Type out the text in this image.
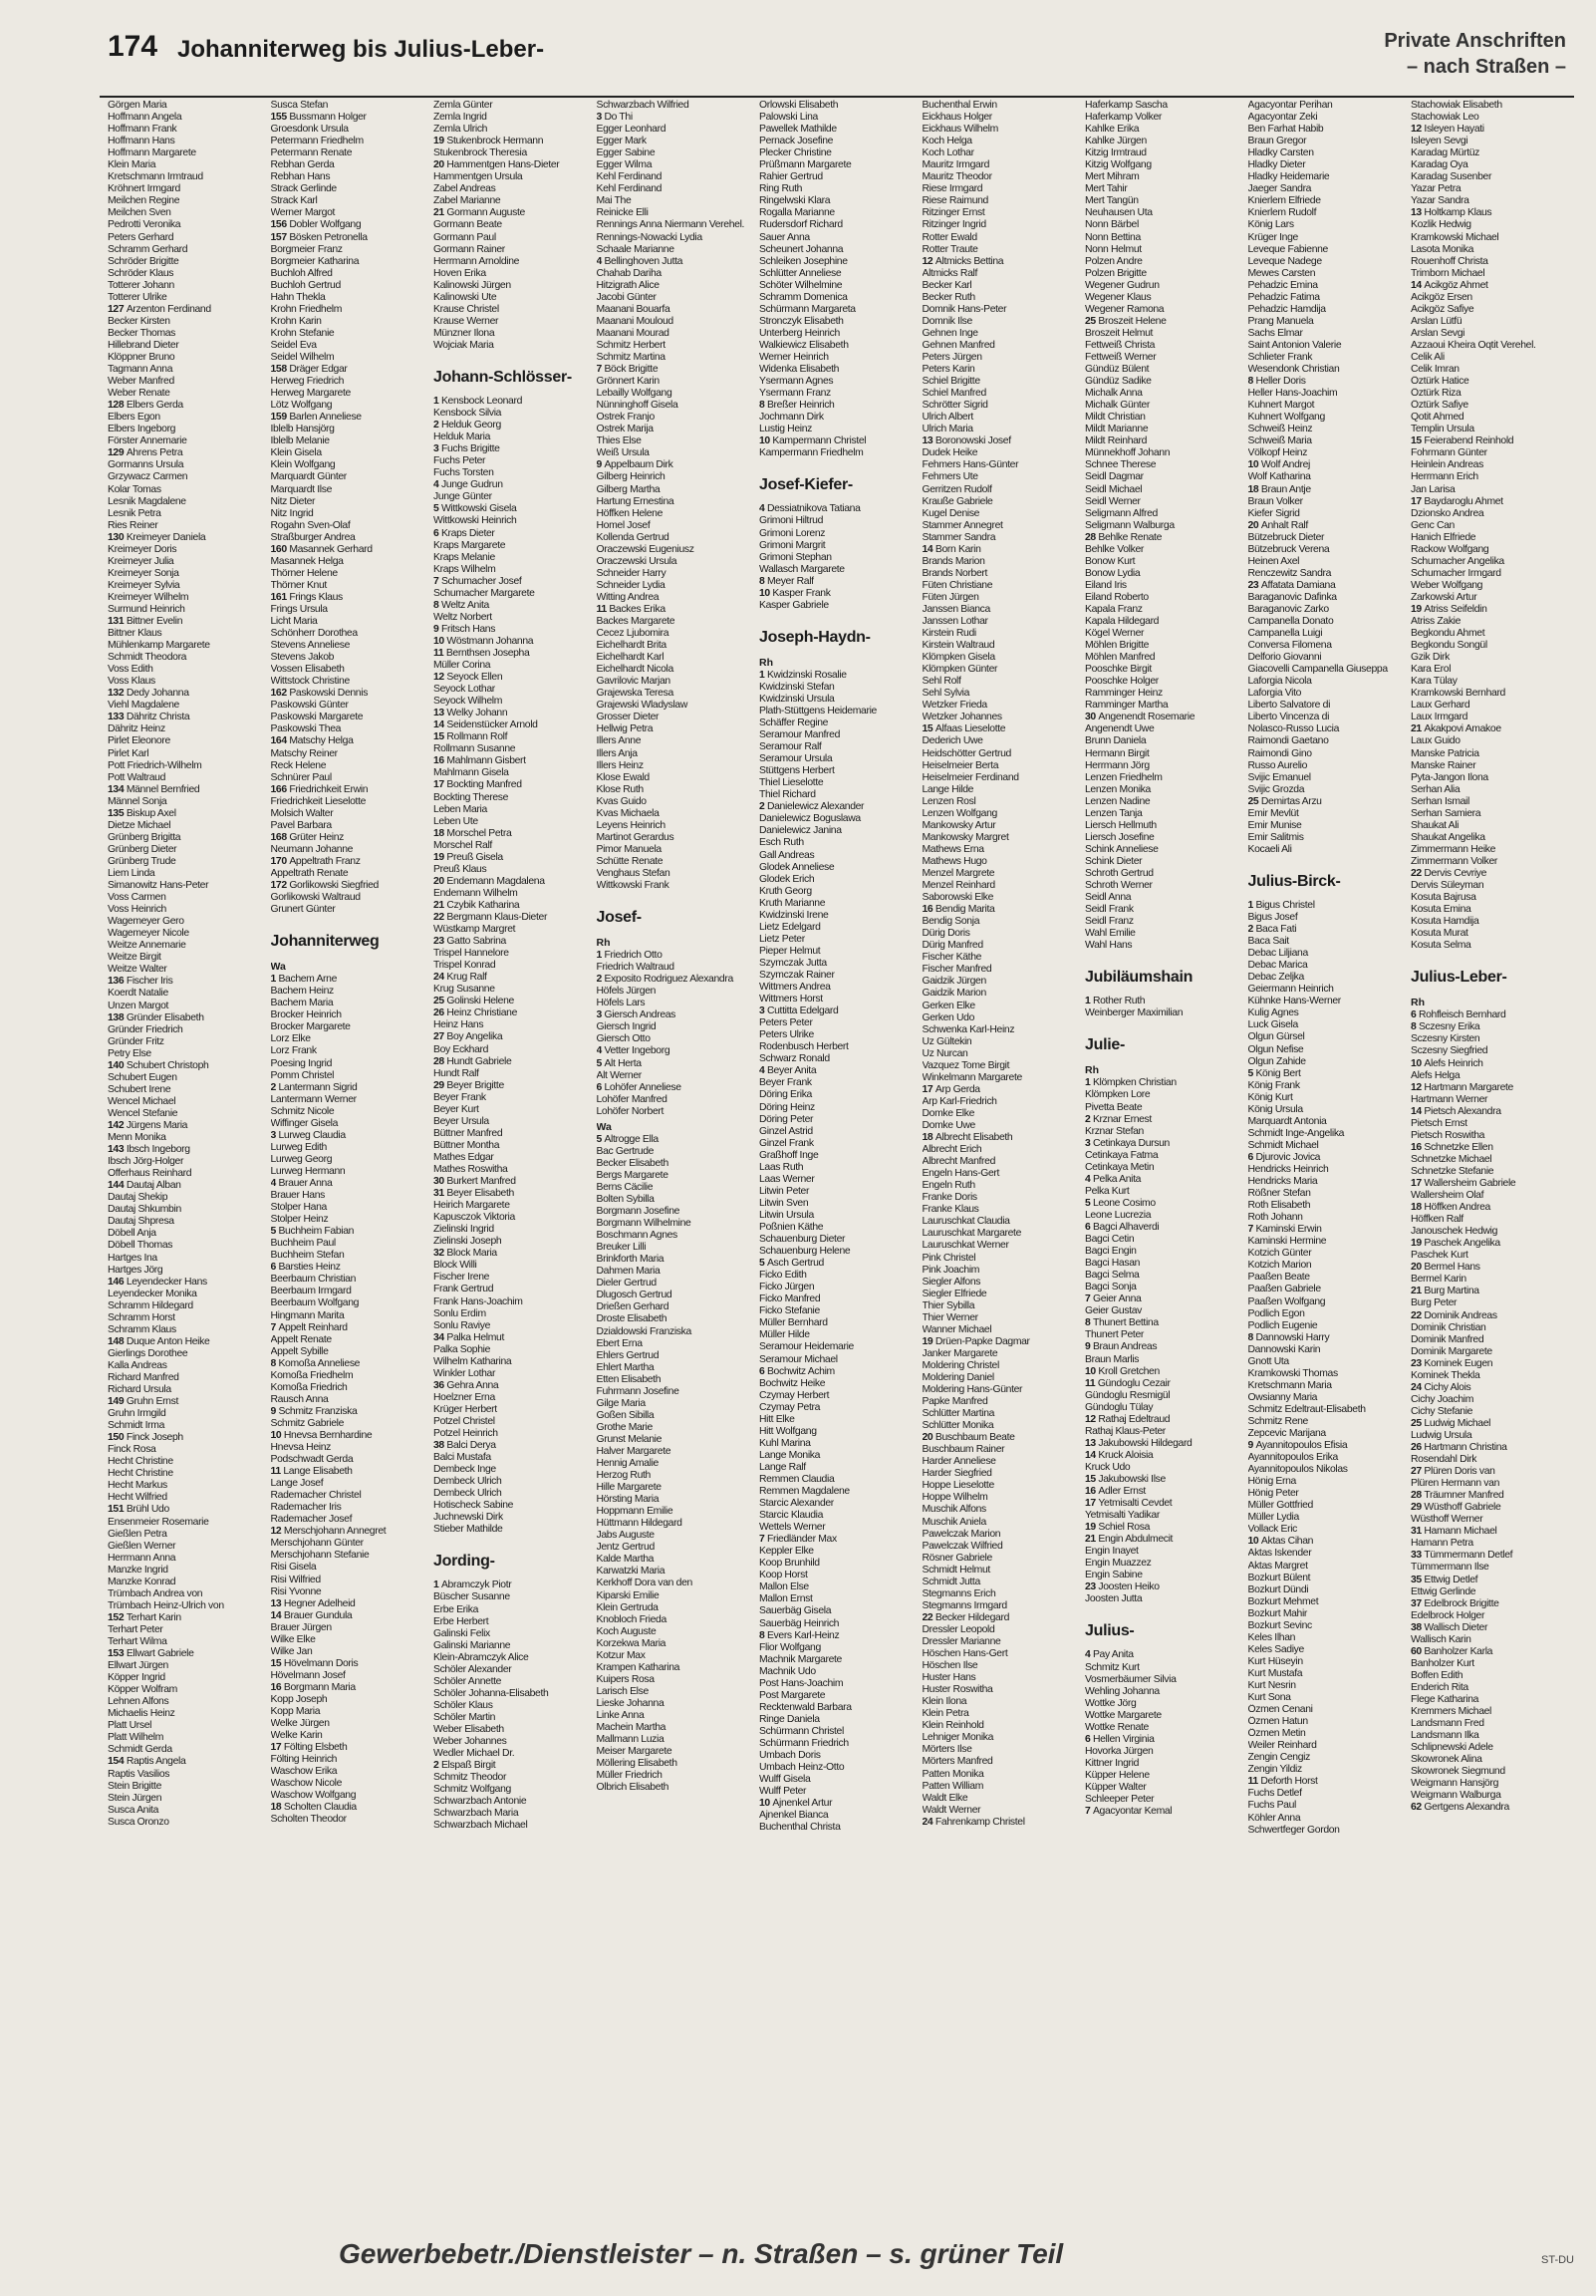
174 Johanniterweg bis Julius-Leber-	Private Anschriften
– nach Straßen –
Görgen Maria
Hoffmann Angela
Hoffmann Frank
Hoffmann Hans
Hoffmann Margarete
Klein Maria
Kretschmann Irmtraud
Kröhnert Irmgard
Meilchen Regine
Meilchen Sven
Pedrotti Veronika
Peters Gerhard
Schramm Gerhard
Schröder Brigitte
Schröder Klaus
Totterer Johann
Totterer Ulrike
127 Arzenton Ferdinand
Becker Kirsten
Becker Thomas
Hillebrand Dieter
Klöppner Bruno
Tagmann Anna
Weber Manfred
Weber Renate
128 Elbers Gerda
Elbers Egon
Elbers Ingeborg
Förster Annemarie
129 Ahrens Petra
Gormanns Ursula
Grzywacz Carmen
Kolar Tomas
Lesnik Magdalene
Lesnik Petra
Ries Reiner
130 Kreimeyer Daniela
Kreimeyer Doris
Kreimeyer Julia
Kreimeyer Sonja
Kreimeyer Sylvia
Kreimeyer Wilhelm
Surmund Heinrich
131 Bittner Evelin
Bittner Klaus
Mühlenkamp Margarete
Schmidt Theodora
Voss Edith
Voss Klaus
132 Dedy Johanna
Viehl Magdalene
133 Dähritz Christa
Dähritz Heinz
Pirlet Eleonore
Pirlet Karl
Pott Friedrich-Wilhelm
Pott Waltraud
134 Männel Bernfried
Männel Sonja
135 Biskup Axel
Dietze Michael
Grünberg Brigitta
Grünberg Dieter
Grünberg Trude
Liem Linda
Simanowitz Hans-Peter
Voss Carmen
Voss Heinrich
Wagemeyer Gero
Wagemeyer Nicole
Weitze Annemarie
Weitze Birgit
Weitze Walter
136 Fischer Iris
Koerdt Natalie
Unzen Margot
138 Gründer Elisabeth
Gründer Friedrich
Gründer Fritz
Petry Else
140 Schubert Christoph
Schubert Eugen
Schubert Irene
Wencel Michael
Wencel Stefanie
142 Jürgens Maria
Menn Monika
143 Ibsch Ingeborg
Ibsch Jörg-Holger
Offerhaus Reinhard
144 Dautaj Alban
Dautaj Shekip
Dautaj Shkumbin
Dautaj Shpresa
Döbell Anja
Döbell Thomas
Hartges Ina
Hartges Jörg
146 Leyendecker Hans
Leyendecker Monika
Schramm Hildegard
Schramm Horst
Schramm Klaus
148 Duque Anton Heike
Gierlings Dorothee
Kalla Andreas
Richard Manfred
Richard Ursula
149 Gruhn Ernst
Gruhn Irmgild
Schmidt Irma
150 Finck Joseph
Finck Rosa
Hecht Christine
Hecht Christine
Hecht Markus
Hecht Wilfried
151 Brühl Udo
Ensenmeier Rosemarie
Gießlen Petra
Gießlen Werner
Herrmann Anna
Manzke Ingrid
Manzke Konrad
Trümbach Andrea von
Trümbach Heinz-Ulrich von
152 Terhart Karin
Terhart Peter
Terhart Wilma
153 Ellwart Gabriele
Ellwart Jürgen
Köpper Ingrid
Köpper Wolfram
Lehnen Alfons
Michaelis Heinz
Platt Ursel
Platt Wilhelm
Schmidt Gerda
154 Raptis Angela
Raptis Vasilios
Stein Brigitte
Stein Jürgen
Susca Anita
Susca Oronzo
Susca Stefan
155 Bussmann Holger
Groesdonk Ursula
Petermann Friedhelm
Petermann Renate
Rebhan Gerda
Rebhan Hans
Strack Gerlinde
Strack Karl
Werner Margot
156 Dobler Wolfgang
157 Bösken Petronella
Borgmeier Franz
Borgmeier Katharina
Buchloh Alfred
Buchloh Gertrud
Hahn Thekla
Krohn Friedhelm
Krohn Karin
Krohn Stefanie
Seidel Eva
Seidel Wilhelm
158 Dräger Edgar
Herweg Friedrich
Herweg Margarete
Lötz Wolfgang
159 Barlen Anneliese
Iblelb Hansjörg
Iblelb Melanie
Klein Gisela
Klein Wolfgang
Marquardt Günter
Marquardt Ilse
Nitz Dieter
Nitz Ingrid
Rogahn Sven-Olaf
Straßburger Andrea
160 Masannek Gerhard
Masannek Helga
Thörner Helene
Thörner Knut
161 Frings Klaus
Frings Ursula
Licht Maria
Schönherr Dorothea
Stevens Anneliese
Stevens Jakob
Vossen Elisabeth
Wittstock Christine
162 Paskowski Dennis
Paskowski Günter
Paskowski Margarete
Paskowski Thea
164 Matschy Helga
Matschy Reiner
Reck Helene
Schnürer Paul
166 Friedrichkeit Erwin
Friedrichkeit Lieselotte
Molsich Walter
Pavel Barbara
168 Grüter Heinz
Neumann Johanne
170 Appeltrath Franz
Appeltrath Renate
172 Gorlikowski Siegfried
Gorlikowski Waltraud
Grunert Günter
Johanniterweg
Wa
1 Bachem Arne
Bachem Heinz
Bachem Maria
Brocker Heinrich
Brocker Margarete
Lorz Elke
Lorz Frank
Poesing Ingrid
Pomm Christel
2 Lantermann Sigrid
Lantermann Werner
Schmitz Nicole
Wiffinger Gisela
3 Lurweg Claudia
Lurweg Edith
Lurweg Georg
Lurweg Hermann
4 Brauer Anna
Brauer Hans
Stolper Hana
Stolper Heinz
5 Buchheim Fabian
Buchheim Paul
Buchheim Stefan
6 Barsties Heinz
Beerbaum Christian
Beerbaum Irmgard
Beerbaum Wolfgang
Hingmann Marita
7 Appelt Reinhard
Appelt Renate
Appelt Sybille
8 Komoßa Anneliese
Komoßa Friedhelm
Komoßa Friedrich
Rausch Anna
9 Schmitz Franziska
Schmitz Gabriele
10 Hnevsa Bernhardine
Hnevsa Heinz
Podschwadt Gerda
11 Lange Elisabeth
Lange Josef
Rademacher Christel
Rademacher Iris
Rademacher Josef
12 Merschjohann Annegret
Merschjohann Günter
Merschjohann Stefanie
Risi Gisela
Risi Wilfried
Risi Yvonne
13 Hegner Adelheid
14 Brauer Gundula
Brauer Jürgen
Wilke Elke
Wilke Jan
15 Hövelmann Doris
Hövelmann Josef
16 Borgmann Maria
Kopp Joseph
Kopp Maria
Welke Jürgen
Welke Karin
17 Fölting Elsbeth
Fölting Heinrich
Waschow Erika
Waschow Nicole
Waschow Wolfgang
18 Scholten Claudia
Scholten Theodor
Zemla Günter
Zemla Ingrid
Zemla Ulrich
19 Stukenbrock Hermann
Stukenbrock Theresia
20 Hammentgen Hans-Dieter
Hammentgen Ursula
Zabel Andreas
Zabel Marianne
21 Gormann Auguste
Gormann Beate
Gormann Paul
Gormann Rainer
Herrmann Arnoldine
Hoven Erika
Kalinowski Jürgen
Kalinowski Ute
Krause Christel
Krause Werner
Münzner Ilona
Wojciak Maria
Johann-Schlösser-
1 Kensbock Leonard
Kensbock Silvia
2 Helduk Georg
Helduk Maria
3 Fuchs Brigitte
Fuchs Peter
Fuchs Torsten
4 Junge Gudrun
Junge Günter
5 Wittkowski Gisela
Wittkowski Heinrich
6 Kraps Dieter
Kraps Margarete
Kraps Melanie
Kraps Wilhelm
7 Schumacher Josef
Schumacher Margarete
8 Weltz Anita
Weltz Norbert
9 Fritsch Hans
10 Wöstmann Johanna
11 Bernthsen Josepha
Müller Corina
12 Seyock Ellen
Seyock Lothar
Seyock Wilhelm
13 Welky Johann
14 Seidenstücker Arnold
15 Rollmann Rolf
Rollmann Susanne
16 Mahlmann Gisbert
Mahlmann Gisela
17 Bockting Manfred
Bockting Therese
Leben Maria
Leben Ute
18 Morschel Petra
Morschel Ralf
19 Preuß Gisela
Preuß Klaus
20 Endemann Magdalena
Endemann Wilhelm
21 Czybik Katharina
22 Bergmann Klaus-Dieter
Wüstkamp Margret
23 Gatto Sabrina
Trispel Hannelore
Trispel Konrad
24 Krug Ralf
Krug Susanne
25 Golinski Helene
26 Heinz Christiane
Heinz Hans
27 Boy Angelika
Boy Eckhard
28 Hundt Gabriele
Hundt Ralf
29 Beyer Brigitte
Beyer Frank
Beyer Kurt
Beyer Ursula
Büttner Manfred
Büttner Montha
Mathes Edgar
Mathes Roswitha
30 Burkert Manfred
31 Beyer Elisabeth
Heirich Margarete
Kapusczok Viktoria
Zielinski Ingrid
Zielinski Joseph
32 Block Maria
Block Willi
Fischer Irene
Frank Gertrud
Frank Hans-Joachim
Sonlu Erdim
Sonlu Raviye
34 Palka Helmut
Palka Sophie
Wilhelm Katharina
Winkler Lothar
36 Gehra Anna
Hoelzner Erna
Krüger Herbert
Potzel Christel
Potzel Heinrich
38 Balci Derya
Balci Mustafa
Dembeck Inge
Dembeck Ulrich
Dembeck Ulrich
Hotischeck Sabine
Juchnewski Dirk
Stieber Mathilde
Jording-
1 Abramczyk Piotr
Büscher Susanne
Erbe Erika
Erbe Herbert
Galinski Felix
Galinski Marianne
Klein-Abramczyk Alice
Schöler Alexander
Schöler Annette
Schöler Johanna-Elisabeth
Schöler Klaus
Schöler Martin
Weber Elisabeth
Weber Johannes
Wedler Michael Dr.
2 Elspaß Birgit
Schmitz Theodor
Schmitz Wolfgang
Schwarzbach Antonie
Schwarzbach Maria
Schwarzbach Michael
Schwarzbach Wilfried
3 Do Thi
Egger Leonhard
Egger Mark
Egger Sabine
Egger Wilma
Kehl Ferdinand
Kehl Ferdinand
Mai The
Reinicke Elli
Rennings Anna Niermann Verehel.
Rennings-Nowacki Lydia
Schaale Marianne
4 Bellinghoven Jutta
Chahab Dariha
Hitzigrath Alice
Jacobi Günter
Maanani Bouarfa
Maanani Mouloud
Maanani Mourad
Schmitz Herbert
Schmitz Martina
7 Böck Brigitte
Grönnert Karin
Lebailly Wolfgang
Nünninghoff Gisela
Ostrek Franjo
Ostrek Marija
Thies Else
Weiß Ursula
9 Appelbaum Dirk
Gilberg Heinrich
Gilberg Martha
Hartung Ernestina
Höffken Helene
Homel Josef
Kollenda Gertrud
Oraczewski Eugeniusz
Oraczewski Ursula
Schneider Harry
Schneider Lydia
Witting Andrea
11 Backes Erika
Backes Margarete
Cecez Ljubomira
Eichelhardt Brita
Eichelhardt Karl
Eichelhardt Nicola
Gavrilovic Marjan
Grajewska Teresa
Grajewski Wladyslaw
Grosser Dieter
Hellwig Petra
Illers Anne
Illers Anja
Illers Heinz
Klose Ewald
Klose Ruth
Kvas Guido
Kvas Michaela
Leyens Heinrich
Martinot Gerardus
Pimor Manuela
Schütte Renate
Venghaus Stefan
Wittkowski Frank
Josef-
Rh
1 Friedrich Otto
Friedrich Waltraud
2 Exposito Rodriguez Alexandra
Höfels Jürgen
Höfels Lars
3 Giersch Andreas
Giersch Ingrid
Giersch Otto
4 Vetter Ingeborg
5 Alt Herta
Alt Werner
6 Lohöfer Anneliese
Lohöfer Manfred
Lohöfer Norbert
Wa
5 Altrogge Ella
Bac Gertrude
Becker Elisabeth
Bergs Margarete
Berns Cäcilie
Bolten Sybilla
Borgmann Josefine
Borgmann Wilhelmine
Boschmann Agnes
Breuker Lilli
Brinkforth Maria
Dahmen Maria
Dieler Gertrud
Dlugosch Gertrud
Drießen Gerhard
Droste Elisabeth
Dzialdowski Franziska
Ebert Erna
Ehlers Gertrud
Ehlert Martha
Etten Elisabeth
Fuhrmann Josefine
Gilge Maria
Goßen Sibilla
Grothe Marie
Grunst Melanie
Halver Margarete
Hennig Amalie
Herzog Ruth
Hille Margarete
Hörsting Maria
Hoppmann Emilie
Hüttmann Hildegard
Jabs Auguste
Jentz Gertrud
Kalde Martha
Karwatzki Maria
Kerkhoff Dora van den
Kiparski Emilie
Klein Gertruda
Knobloch Frieda
Koch Auguste
Korzekwa Maria
Kotzur Max
Krampen Katharina
Kuipers Rosa
Larisch Else
Lieske Johanna
Linke Anna
Machein Martha
Mallmann Luzia
Meiser Margarete
Möllering Elisabeth
Müller Friedrich
Olbrich Elisabeth
Orlowski Elisabeth
Palowski Lina
Pawellek Mathilde
Pernack Josefine
Plecker Christine
Prüßmann Margarete
Rahier Gertrud
Ring Ruth
Ringelwski Klara
Rogalla Marianne
Rudersdorf Richard
Sauer Anna
Scheunert Johanna
Schleiken Josephine
Schlütter Anneliese
Schöter Wilhelmine
Schramm Domenica
Schürmann Margareta
Stronczyk Elisabeth
Unterberg Heinrich
Walkiewicz Elisabeth
Werner Heinrich
Widenka Elisabeth
Ysermann Agnes
Ysermann Franz
8 Breßer Heinrich
Jochmann Dirk
Lustig Heinz
10 Kampermann Christel
Kampermann Friedhelm
Josef-Kiefer-
4 Dessiatnikova Tatiana
Grimoni Hiltrud
Grimoni Lorenz
Grimoni Margrit
Grimoni Stephan
Wallasch Margarete
8 Meyer Ralf
10 Kasper Frank
Kasper Gabriele
Joseph-Haydn-
Rh
1 Kwidzinski Rosalie
Kwidzinski Stefan
Kwidzinski Ursula
Plath-Stüttgens Heidemarie
Schäffer Regine
Seramour Manfred
Seramour Ralf
Seramour Ursula
Stüttgens Herbert
Thiel Lieselotte
Thiel Richard
2 Danielewicz Alexander
Danielewicz Boguslawa
Danielewicz Janina
Esch Ruth
Gall Andreas
Glodek Anneliese
Glodek Erich
Kruth Georg
Kruth Marianne
Kwidzinski Irene
Lietz Edelgard
Lietz Peter
Pieper Helmut
Szymczak Jutta
Szymczak Rainer
Wittmers Andrea
Wittmers Horst
3 Cuttitta Edelgard
Peters Peter
Peters Ulrike
Rodenbusch Herbert
Schwarz Ronald
4 Beyer Anita
Beyer Frank
Döring Erika
Döring Heinz
Döring Peter
Ginzel Astrid
Ginzel Frank
Graßhoff Inge
Laas Ruth
Laas Werner
Litwin Peter
Litwin Sven
Litwin Ursula
Poßnien Käthe
Schauenburg Dieter
Schauenburg Helene
5 Asch Gertrud
Ficko Edith
Ficko Jürgen
Ficko Manfred
Ficko Stefanie
Müller Bernhard
Müller Hilde
Seramour Heidemarie
Seramour Michael
6 Bochwitz Achim
Bochwitz Heike
Czymay Herbert
Czymay Petra
Hitt Elke
Hitt Wolfgang
Kuhl Marina
Lange Monika
Lange Ralf
Remmen Claudia
Remmen Magdalene
Starcic Alexander
Starcic Klaudia
Wettels Werner
7 Friedländer Max
Keppler Elke
Koop Brunhild
Koop Horst
Mallon Else
Mallon Ernst
Sauerbäg Gisela
Sauerbäg Heinrich
8 Evers Karl-Heinz
Flior Wolfgang
Machnik Margarete
Machnik Udo
Post Hans-Joachim
Post Margarete
Recktenwald Barbara
Ringe Daniela
Schürmann Christel
Schürmann Friedrich
Umbach Doris
Umbach Heinz-Otto
Wulff Gisela
Wulff Peter
10 Ajnenkel Artur
Ajnenkel Bianca
Buchenthal Christa
Buchenthal Erwin
Eickhaus Holger
Eickhaus Wilhelm
Koch Helga
Koch Lothar
Mauritz Irmgard
Mauritz Theodor
Riese Irmgard
Riese Raimund
Ritzinger Ernst
Ritzinger Ingrid
Rotter Ewald
Rotter Traute
12 Altmicks Bettina
Altmicks Ralf
Becker Karl
Becker Ruth
Domnik Hans-Peter
Domnik Ilse
Gehnen Inge
Gehnen Manfred
Peters Jürgen
Peters Karin
Schiel Brigitte
Schiel Manfred
Schrötter Sigrid
Ulrich Albert
Ulrich Maria
13 Boronowski Josef
Dudek Heike
Fehmers Hans-Günter
Fehmers Ute
Gerritzen Rudolf
Krauße Gabriele
Kugel Denise
Stammer Annegret
Stammer Sandra
14 Born Karin
Brands Marion
Brands Norbert
Füten Christiane
Füten Jürgen
Janssen Bianca
Janssen Lothar
Kirstein Rudi
Kirstein Waltraud
Klömpken Gisela
Klömpken Günter
Sehl Rolf
Sehl Sylvia
Wetzker Frieda
Wetzker Johannes
15 Alfaas Lieselotte
Dederich Uwe
Heidschötter Gertrud
Heiselmeier Berta
Heiselmeier Ferdinand
Lange Hilde
Lenzen Rosl
Lenzen Wolfgang
Mankowsky Artur
Mankowsky Margret
Mathews Erna
Mathews Hugo
Menzel Margrete
Menzel Reinhard
Saborowski Elke
16 Bendig Marita
Bendig Sonja
Dürig Doris
Dürig Manfred
Fischer Käthe
Fischer Manfred
Gaidzik Jürgen
Gaidzik Marion
Gerken Elke
Gerken Udo
Schwenka Karl-Heinz
Uz Gültekin
Uz Nurcan
Vazquez Tome Birgit
Winkelmann Margarete
17 Arp Gerda
Arp Karl-Friedrich
Domke Elke
Domke Uwe
18 Albrecht Elisabeth
Albrecht Erich
Albrecht Manfred
Engeln Hans-Gert
Engeln Ruth
Franke Doris
Franke Klaus
Lauruschkat Claudia
Lauruschkat Margarete
Lauruschkat Werner
Pink Christel
Pink Joachim
Siegler Alfons
Siegler Elfriede
Thier Sybilla
Thier Werner
Wanner Michael
19 Drüen-Papke Dagmar
Janker Margarete
Moldering Christel
Moldering Daniel
Moldering Hans-Günter
Papke Manfred
Schlütter Martina
Schlütter Monika
20 Buschbaum Beate
Buschbaum Rainer
Harder Anneliese
Harder Siegfried
Hoppe Lieselotte
Hoppe Wilhelm
Muschik Alfons
Muschik Aniela
Pawelczak Marion
Pawelczak Wilfried
Rösner Gabriele
Schmidt Helmut
Schmidt Jutta
Stegmanns Erich
Stegmanns Irmgard
22 Becker Hildegard
Dressler Leopold
Dressler Marianne
Höschen Hans-Gert
Höschen Ilse
Huster Hans
Huster Roswitha
Klein Ilona
Klein Petra
Klein Reinhold
Lehniger Monika
Mörters Ilse
Mörters Manfred
Patten Monika
Patten William
Waldt Elke
Waldt Werner
24 Fahrenkamp Christel
Haferkamp Sascha
Haferkamp Volker
Kahlke Erika
Kahlke Jürgen
Kitzig Irmtraud
Kitzig Wolfgang
Mert Mihram
Mert Tahir
Mert Tangün
Neuhausen Uta
Nonn Bärbel
Nonn Bettina
Nonn Helmut
Polzen Andre
Polzen Brigitte
Wegener Gudrun
Wegener Klaus
Wegener Ramona
25 Broszeit Helene
Broszeit Helmut
Fettweiß Christa
Fettweiß Werner
Gündüz Bülent
Gündüz Sadike
Michalk Anna
Michalk Günter
Mildt Christian
Mildt Marianne
Mildt Reinhard
Münnekhoff Johann
Schnee Therese
Seidl Dagmar
Seidl Michael
Seidl Werner
Seligmann Alfred
Seligmann Walburga
28 Behlke Renate
Behlke Volker
Bonow Kurt
Bonow Lydia
Eiland Iris
Eiland Roberto
Kapala Franz
Kapala Hildegard
Kögel Werner
Möhlen Brigitte
Möhlen Manfred
Pooschke Birgit
Pooschke Holger
Ramminger Heinz
Ramminger Martha
30 Angenendt Rosemarie
Angenendt Uwe
Brunn Daniela
Hermann Birgit
Herrmann Jörg
Lenzen Friedhelm
Lenzen Monika
Lenzen Nadine
Lenzen Tanja
Liersch Hellmuth
Liersch Josefine
Schink Anneliese
Schink Dieter
Schroth Gertrud
Schroth Werner
Seidl Anna
Seidl Frank
Seidl Franz
Wahl Emilie
Wahl Hans
Jubiläumshain
1 Rother Ruth
Weinberger Maximilian
Julie-
Rh
1 Klömpken Christian
Klömpken Lore
Pivetta Beate
2 Krznar Ernest
Krznar Stefan
3 Cetinkaya Dursun
Cetinkaya Fatma
Cetinkaya Metin
4 Pelka Anita
Pelka Kurt
5 Leone Cosimo
Leone Lucrezia
6 Bagci Alhaverdi
Bagci Cetin
Bagci Engin
Bagci Hasan
Bagci Selma
Bagci Sonja
7 Geier Anna
Geier Gustav
8 Thunert Bettina
Thunert Peter
9 Braun Andreas
Braun Marlis
10 Kroll Gretchen
11 Gündoglu Cezair
Gündoglu Resmigül
Gündoglu Tülay
12 Rathaj Edeltraud
Rathaj Klaus-Peter
13 Jakubowski Hildegard
14 Kruck Aloisia
Kruck Udo
15 Jakubowski Ilse
16 Adler Ernst
17 Yetmisalti Cevdet
Yetmisalti Yadikar
19 Schiel Rosa
21 Engin Abdulmecit
Engin Inayet
Engin Muazzez
Engin Sabine
23 Joosten Heiko
Joosten Jutta
Julius-
4 Pay Anita
Schmitz Kurt
Vosmerbäumer Silvia
Wehling Johanna
Wottke Jörg
Wottke Margarete
Wottke Renate
6 Hellen Virginia
Hovorka Jürgen
Kittner Ingrid
Küpper Helene
Küpper Walter
Schleeper Peter
7 Agacyontar Kemal
Agacyontar Perihan
Agacyontar Zeki
Ben Farhat Habib
Braun Gregor
Hladky Carsten
Hladky Dieter
Hladky Heidemarie
Jaeger Sandra
Knierlem Elfriede
Knierlem Rudolf
König Lars
Krüger Inge
Leveque Fabienne
Leveque Nadege
Mewes Carsten
Pehadzic Emina
Pehadzic Fatima
Pehadzic Hamdija
Prang Manuela
Sachs Elmar
Saint Antonion Valerie
Schlieter Frank
Wesendonk Christian
8 Heller Doris
Heller Hans-Joachim
Kuhnert Margot
Kuhnert Wolfgang
Schweiß Heinz
Schweiß Maria
Völkopf Heinz
10 Wolf Andrej
Wolf Katharina
18 Braun Antje
Braun Volker
Kiefer Sigrid
20 Anhalt Ralf
Bützebruck Dieter
Bützebruck Verena
Heinen Axel
Renczewitz Sandra
23 Affatata Damiana
Baraganovic Dafinka
Baraganovic Zarko
Campanella Donato
Campanella Luigi
Conversa Filomena
Delforio Giovanni
Giacovelli Campanella Giuseppa
Laforgia Nicola
Laforgia Vito
Liberto Salvatore di
Liberto Vincenza di
Nolasco-Russo Lucia
Raimondi Gaetano
Raimondi Gino
Russo Aurelio
Svijic Emanuel
Svijic Grozda
25 Demirtas Arzu
Emir Mevlüt
Emir Munise
Emir Salitmis
Kocaeli Ali
Julius-Birck-
1 Bigus Christel
Bigus Josef
2 Baca Fati
Baca Sait
Debac Liljiana
Debac Marica
Debac Zeljka
Geiermann Heinrich
Kühnke Hans-Werner
Kulig Agnes
Luck Gisela
Olgun Gürsel
Olgun Nefise
Olgun Zahide
5 König Bert
König Frank
König Kurt
König Ursula
Marquardt Antonia
Schmidt Inge-Angelika
Schmidt Michael
6 Djurovic Jovica
Hendricks Heinrich
Hendricks Maria
Rößner Stefan
Roth Elisabeth
Roth Johann
7 Kaminski Erwin
Kaminski Hermine
Kotzich Günter
Kotzich Marion
Paaßen Beate
Paaßen Gabriele
Paaßen Wolfgang
Podlich Egon
Podlich Eugenie
8 Dannowski Harry
Dannowski Karin
Gnott Uta
Kramkowski Thomas
Kretschmann Maria
Owsianny Maria
Schmitz Edeltraut-Elisabeth
Schmitz Rene
Zepcevic Marijana
9 Ayannitopoulos Efisia
Ayannitopoulos Erika
Ayannitopoulos Nikolas
Hönig Erna
Hönig Peter
Müller Gottfried
Müller Lydia
Vollack Eric
10 Aktas Cihan
Aktas Iskender
Aktas Margret
Bozkurt Bülent
Bozkurt Dündi
Bozkurt Mehmet
Bozkurt Mahir
Bozkurt Sevinc
Keles Ilhan
Keles Sadiye
Kurt Hüseyin
Kurt Mustafa
Kurt Nesrin
Kurt Sona
Özmen Cenani
Özmen Hatun
Özmen Metin
Weiler Reinhard
Zengin Cengiz
Zengin Yildiz
11 Deforth Horst
Fuchs Detlef
Fuchs Paul
Köhler Anna
Schwertfeger Gordon
Stachowiak Elisabeth
Stachowiak Leo
12 Isleyen Hayati
Isleyen Sevgi
Karadag Mürtüz
Karadag Oya
Karadag Susenber
Yazar Petra
Yazar Sandra
13 Holtkamp Klaus
Kozlik Hedwig
Kramkowski Michael
Lasota Monika
Rouenhoff Christa
Trimborn Michael
14 Acikgöz Ahmet
Acikgöz Ersen
Acikgöz Safiye
Arslan Lütfü
Arslan Sevgi
Azzaoui Kheira Oqtit Verehel.
Celik Ali
Celik Imran
Öztürk Hatice
Öztürk Riza
Öztürk Safiye
Qotit Ahmed
Templin Ursula
15 Feierabend Reinhold
Fohrmann Günter
Heinlein Andreas
Herrmann Erich
Jan Larisa
17 Baydaroglu Ahmet
Dzionsko Andrea
Genc Can
Hanich Elfriede
Rackow Wolfgang
Schumacher Angelika
Schumacher Irmgard
Weber Wolfgang
Zarkowski Artur
19 Atriss Seifeldin
Atriss Zakie
Begkondu Ahmet
Begkondu Songül
Gzik Dirk
Kara Erol
Kara Tülay
Kramkowski Bernhard
Laux Gerhard
Laux Irmgard
21 Akakpovi Amakoe
Laux Guido
Manske Patricia
Manske Rainer
Pyta-Jangon Ilona
Serhan Alia
Serhan Ismail
Serhan Samiera
Shaukat Ali
Shaukat Angelika
Zimmermann Heike
Zimmermann Volker
22 Dervis Cevriye
Dervis Süleyman
Kosuta Bajrusa
Kosuta Emina
Kosuta Hamdija
Kosuta Murat
Kosuta Selma
Julius-Leber-
Rh
6 Rohfleisch Bernhard
8 Sczesny Erika
Sczesny Kirsten
Sczesny Siegfried
10 Alefs Heinrich
Alefs Helga
12 Hartmann Margarete
Hartmann Werner
14 Pietsch Alexandra
Pietsch Ernst
Pietsch Roswitha
16 Schnetzke Ellen
Schnetzke Michael
Schnetzke Stefanie
17 Wallersheim Gabriele
Wallersheim Olaf
18 Höffken Andrea
Höffken Ralf
Janouschek Hedwig
19 Paschek Angelika
Paschek Kurt
20 Bermel Hans
Bermel Karin
21 Burg Martina
Burg Peter
22 Dominik Andreas
Dominik Christian
Dominik Manfred
Dominik Margarete
23 Kominek Eugen
Kominek Thekla
24 Cichy Alois
Cichy Joachim
Cichy Stefanie
25 Ludwig Michael
Ludwig Ursula
26 Hartmann Christina
Rosendahl Dirk
27 Plüren Doris van
Plüren Hermann van
28 Träumner Manfred
29 Wüsthoff Gabriele
Wüsthoff Werner
31 Hamann Michael
Hamann Petra
33 Tümmermann Detlef
Tümmermann Ilse
35 Ettwig Detlef
Ettwig Gerlinde
37 Edelbrock Brigitte
Edelbrock Holger
38 Wallisch Dieter
Wallisch Karin
60 Banholzer Karla
Banholzer Kurt
Boffen Edith
Enderich Rita
Flege Katharina
Kremmers Michael
Landsmann Fred
Landsmann Ilka
Schlipnewski Adele
Skowronek Alina
Skowronek Siegmund
Weigmann Hansjörg
Weigmann Walburga
62 Gertgens Alexandra
Gewerbebetr./Dienstleister – n. Straßen – s. grüner Teil	ST-DU
